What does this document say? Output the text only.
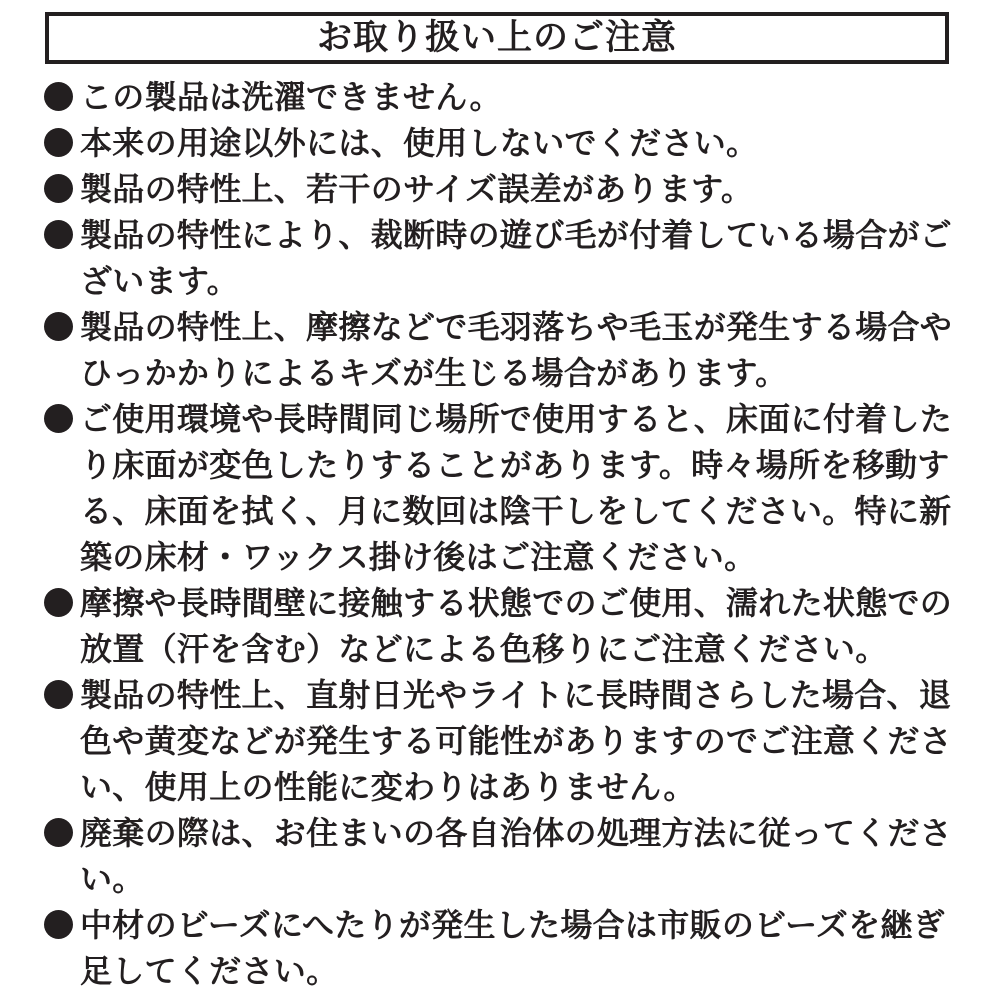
お取り扱い上のご注意
この製品は洗濯できません。
本来の用途以外には、使用しないでください。
製品の特性上、若干のサイズ誤差があります。
製品の特性により、裁断時の遊び毛が付着している場合がございます。
製品の特性上、摩擦などで毛羽落ちや毛玉が発生する場合やひっかかりによるキズが生じる場合があります。
ご使用環境や長時間同じ場所で使用すると、床面に付着したり床面が変色したりすることがあります。時々場所を移動する、床面を拭く、月に数回は陰干しをしてください。特に新築の床材・ワックス掛け後はご注意ください。
摩擦や長時間壁に接触する状態でのご使用、濡れた状態での放置（汗を含む）などによる色移りにご注意ください。
製品の特性上、直射日光やライトに長時間さらした場合、退色や黄変などが発生する可能性がありますのでご注意ください、使用上の性能に変わりはありません。
廃棄の際は、お住まいの各自治体の処理方法に従ってください。
中材のビーズにへたりが発生した場合は市販のビーズを継ぎ足してください。
